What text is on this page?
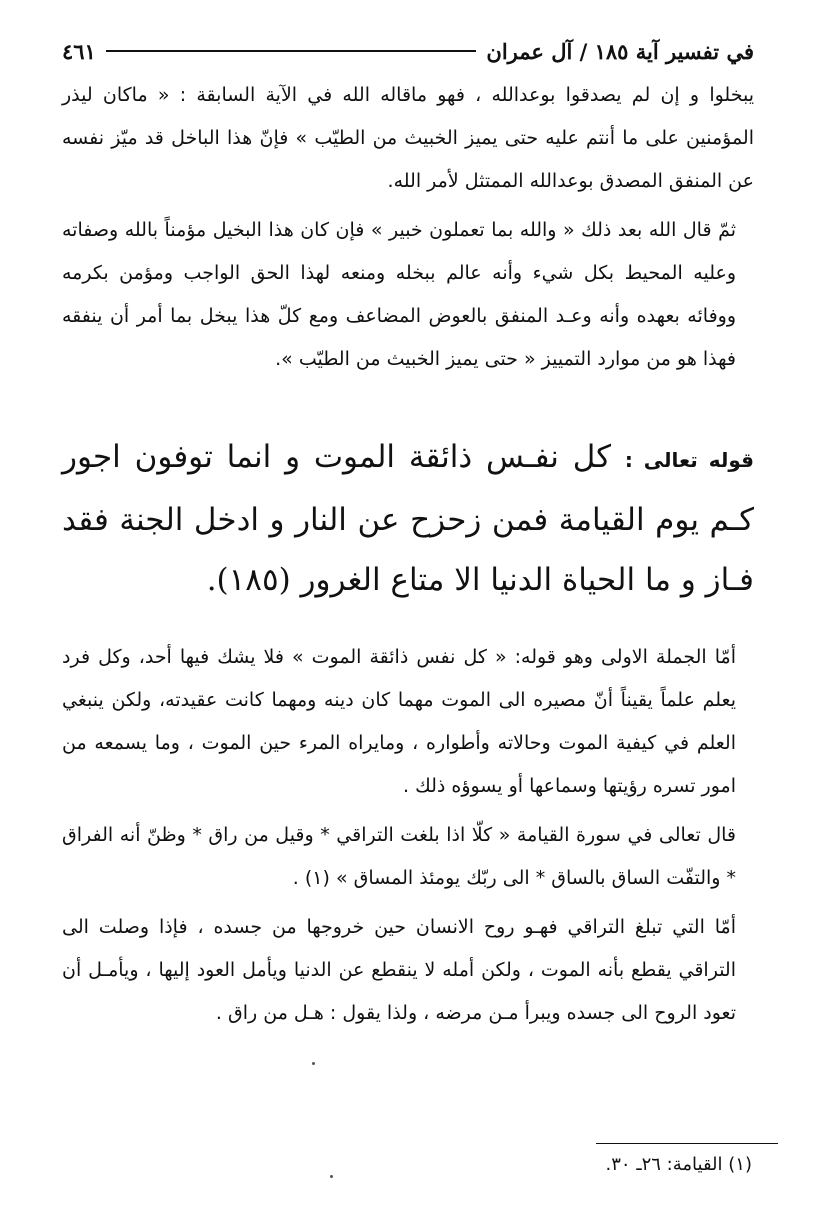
في تفسير آية ١٨٥ / آل عمران
٤٦١

يبخلوا و إن لم يصدقوا بوعدالله ، فهو ماقاله الله في الآية السابقة : « ماكان ليذر المؤمنين على ما أنتم عليه حتى يميز الخبيث من الطيّب » فإنّ هذا الباخل قد ميّز نفسه عن المنفق المصدق بوعدالله الممتثل لأمر الله.

ثمّ قال الله بعد ذلك « والله بما تعملون خبير » فإن كان هذا البخيل مؤمناً بالله وصفاته وعليه المحيط بكل شيء وأنه عالم ببخله ومنعه لهذا الحق الواجب ومؤمن بكرمه ووفائه بعهده وأنه وعـد المنفق بالعوض المضاعف ومع كلّ هذا يبخل بما أمر أن ينفقه فهذا هو من موارد التمييز « حتى يميز الخبيث من الطيّب ».

قوله تعالى : كل نفـس ذائقة الموت و انما توفون اجور كـم يوم القيامة فمن زحزح عن النار و ادخل الجنة فقد فـاز و ما الحياة الدنيا الا متاع الغرور (١٨٥).

أمّا الجملة الاولى وهو قوله: « كل نفس ذائقة الموت » فلا يشك فيها أحد، وكل فرد يعلم علماً يقيناً أنّ مصيره الى الموت مهما كان دينه ومهما كانت عقيدته، ولكن ينبغي العلم في كيفية الموت وحالاته وأطواره ، ومايراه المرء حين الموت ، وما يسمعه من امور تسره رؤيتها وسماعها أو يسوؤه ذلك .

قال تعالى في سورة القيامة « كلّا اذا بلغت التراقي * وقيل من راق * وظنّ أنه الفراق * والتفّت الساق بالساق * الى ربّك يومئذ المساق » (١) .

أمّا التي تبلغ التراقي فهـو روح الانسان حين خروجها من جسده ، فإذا وصلت الى التراقي يقطع بأنه الموت ، ولكن أمله لا ينقطع عن الدنيا ويأمل العود إليها ، ويأمـل أن تعود الروح الى جسده ويبرأ مـن مرضه ، ولذا يقول : هـل من راق .

(١) القيامة: ٢٦ـ ٣٠.
